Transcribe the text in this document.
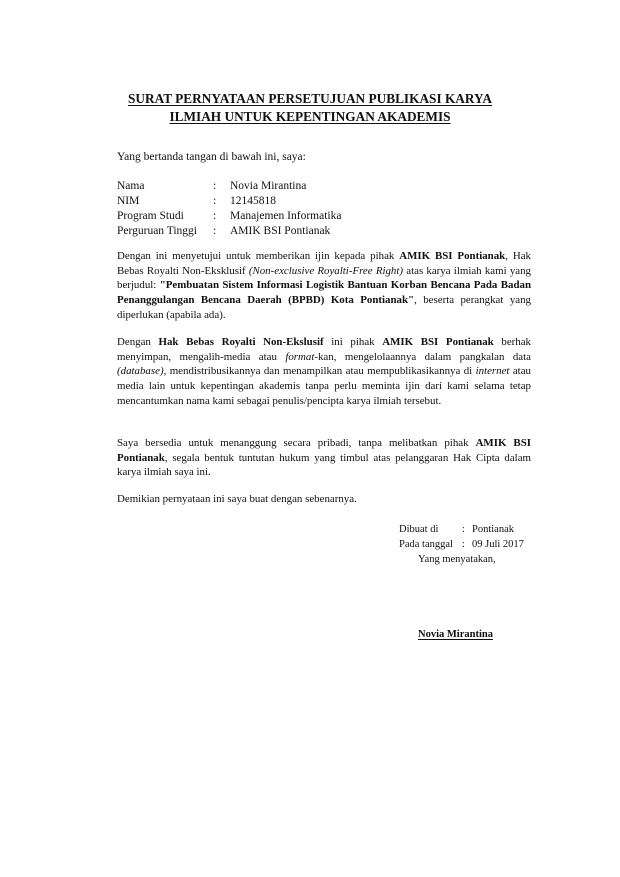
SURAT PERNYATAAN PERSETUJUAN PUBLIKASI KARYA
ILMIAH UNTUK KEPENTINGAN AKADEMIS
Yang bertanda tangan di bawah ini, saya:
Nama	:	Novia Mirantina
NIM	:	12145818
Program Studi	:	Manajemen Informatika
Perguruan Tinggi	:	AMIK BSI Pontianak

Dengan ini menyetujui untuk memberikan ijin kepada pihak AMIK BSI Pontianak, Hak Bebas Royalti Non-Eksklusif (Non-exclusive Royalti-Free Right) atas karya ilmiah kami yang berjudul: "Pembuatan Sistem Informasi Logistik Bantuan Korban Bencana Pada Badan Penanggulangan Bencana Daerah (BPBD) Kota Pontianak", beserta perangkat yang diperlukan (apabila ada).

Dengan Hak Bebas Royalti Non-Ekslusif ini pihak AMIK BSI Pontianak berhak menyimpan, mengalih-media atau format-kan, mengelolaannya dalam pangkalan data (database), mendistribusikannya dan menampilkan atau mempublikasikannya di internet atau media lain untuk kepentingan akademis tanpa perlu meminta ijin dari kami selama tetap mencantumkan nama kami sebagai penulis/pencipta karya ilmiah tersebut.

Saya bersedia untuk menanggung secara pribadi, tanpa melibatkan pihak AMIK BSI Pontianak, segala bentuk tuntutan hukum yang timbul atas pelanggaran Hak Cipta dalam karya ilmiah saya ini.

Demikian pernyataan ini saya buat dengan sebenarnya.

Dibuat di	: Pontianak
Pada tanggal : 09 Juli 2017
Yang menyatakan,
Novia Mirantina
